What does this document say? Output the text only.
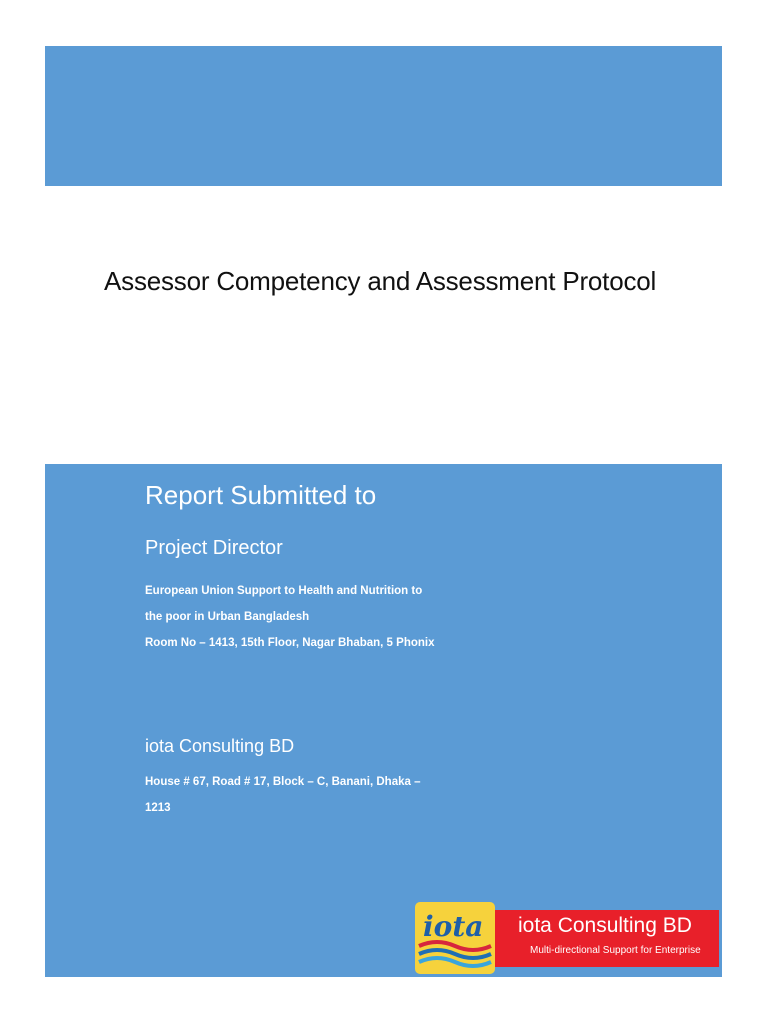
Assessor Competency and Assessment Protocol
Report Submitted to
Project Director
European Union Support to Health and Nutrition to
the poor in Urban Bangladesh
Room No – 1413, 15th Floor, Nagar Bhaban, 5 Phonix
iota Consulting BD
House # 67, Road # 17, Block – C, Banani, Dhaka –
1213
iota iota Consulting BD
Multi-directional Support for Enterprise
